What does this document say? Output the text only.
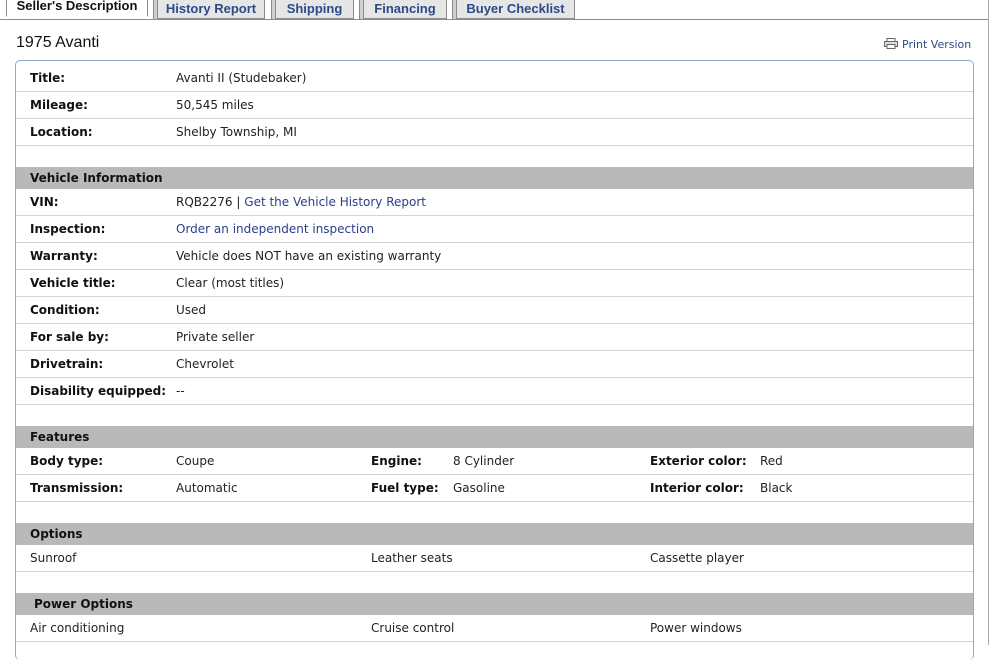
Seller's Description	History Report	Shipping	Financing	Buyer Checklist
1975 Avanti	Print Version
Title:	Avanti II (Studebaker)
Mileage:	50,545 miles
Location:	Shelby Township, MI
Vehicle Information
VIN:	RQB2276 | Get the Vehicle History Report
Inspection:	Order an independent inspection
Warranty:	Vehicle does NOT have an existing warranty
Vehicle title:	Clear (most titles)
Condition:	Used
For sale by:	Private seller
Drivetrain:	Chevrolet
Disability equipped: --
Features
Body type:	Coupe	Engine:	8 Cylinder	Exterior color: Red
Transmission:	Automatic	Fuel type: Gasoline	Interior color: Black
Options
Sunroof	Leather seats	Cassette player
Power Options
Air conditioning	Cruise control	Power windows
